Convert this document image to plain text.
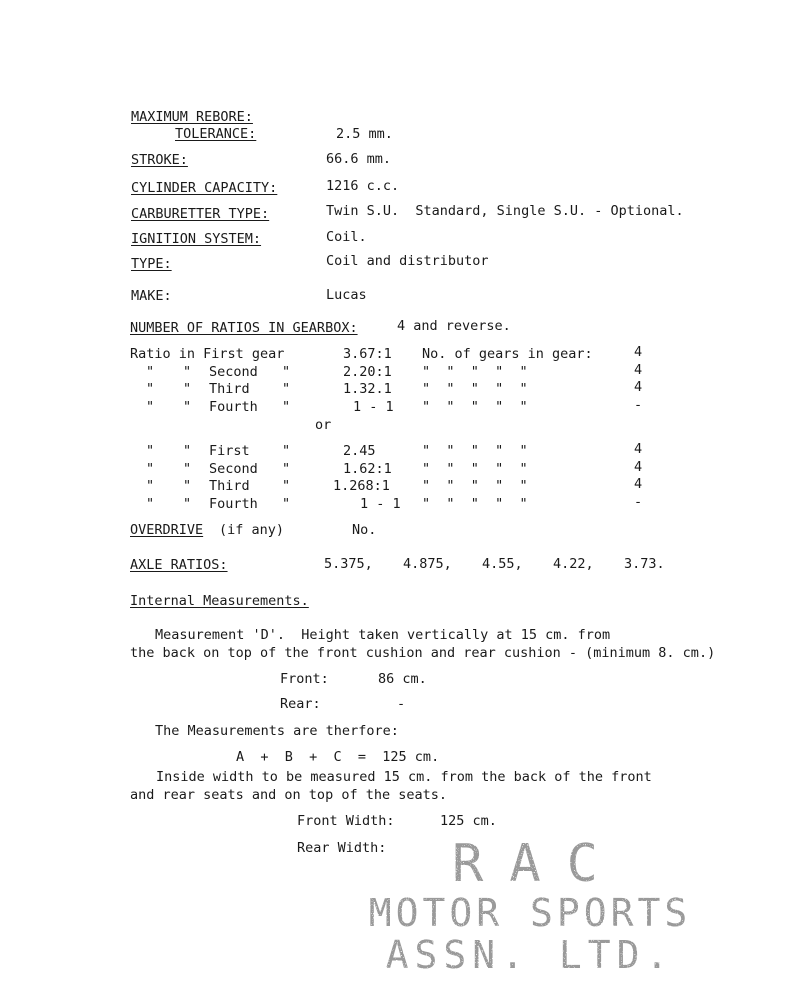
MAXIMUM REBORE:
TOLERANCE:	2.5 mm.
STROKE:	66.6 mm.
CYLINDER CAPACITY:	1216 c.c.
CARBURETTER TYPE:	Twin S.U.  Standard, Single S.U. - Optional.
IGNITION SYSTEM:	Coil.
TYPE:	Coil and distributor
MAKE:	Lucas
NUMBER OF RATIOS IN GEARBOX:	4 and reverse.
Ratio in First gear	3.67:1 No. of gears in gear:	4
" " Second "	2.20:1 "  "  "  "  "	4
" " Third "	1.32.1 "  "  "  "  "	4
" " Fourth "	1 - 1 "  "  "  "  "	-
or
" " First "	2.45	"  "  "  "  "	4
" " Second "	1.62:1 "  "  "  "  "	4
" " Third "	1.268:1 "  "  "  "  "	4
" " Fourth "	1 - 1 "  "  "  "  "	-
OVERDRIVE (if any)	No.
AXLE RATIOS:	5.375, 4.875, 4.55, 4.22, 3.73.
Internal Measurements.
Measurement 'D'.  Height taken vertically at 15 cm. from
the back on top of the front cushion and rear cushion - (minimum 8. cm.)
Front:	86 cm.
Rear:	-
The Measurements are therfore:
A  +  B  +  C  =  125 cm.
Inside width to be measured 15 cm. from the back of the front
and rear seats and on top of the seats.
Front Width:	125 cm.
Rear Width:	RAC
MOTOR SPORTS
ASSN. LTD.
